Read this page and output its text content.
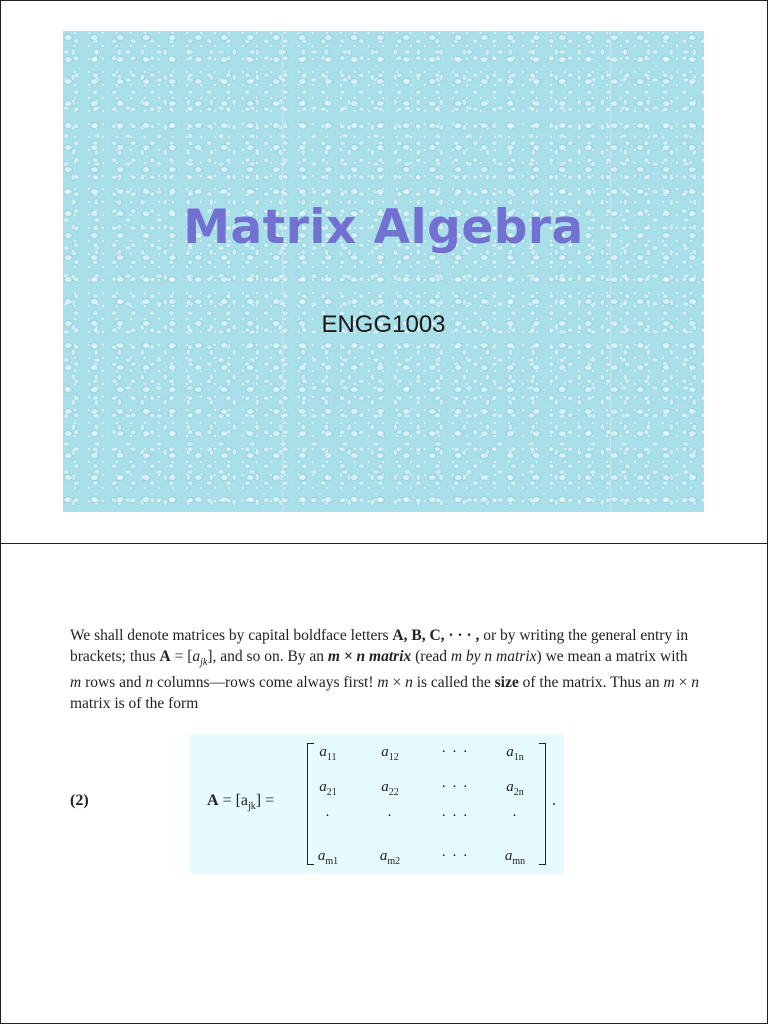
Matrix Algebra
ENGG1003
We shall denote matrices by capital boldface letters A, B, C, · · · , or by writing the general entry in brackets; thus $A = [a_{jk}]$, and so on. By an m × n matrix (read m by n matrix) we mean a matrix with m rows and n columns—rows come always first! m × n is called the size of the matrix. Thus an m × n matrix is of the form
(2)	$A = [a_{jk}]$ =
$a_{11}$	$a_{12}$	· · ·	$a_{1n}$
$a_{21}$	$a_{22}$	· · ·	$a_{2n}$
·	·	· · ·	·
$a_{m1}$	$a_{m2}$	· · ·	$a_{mn}$
.
